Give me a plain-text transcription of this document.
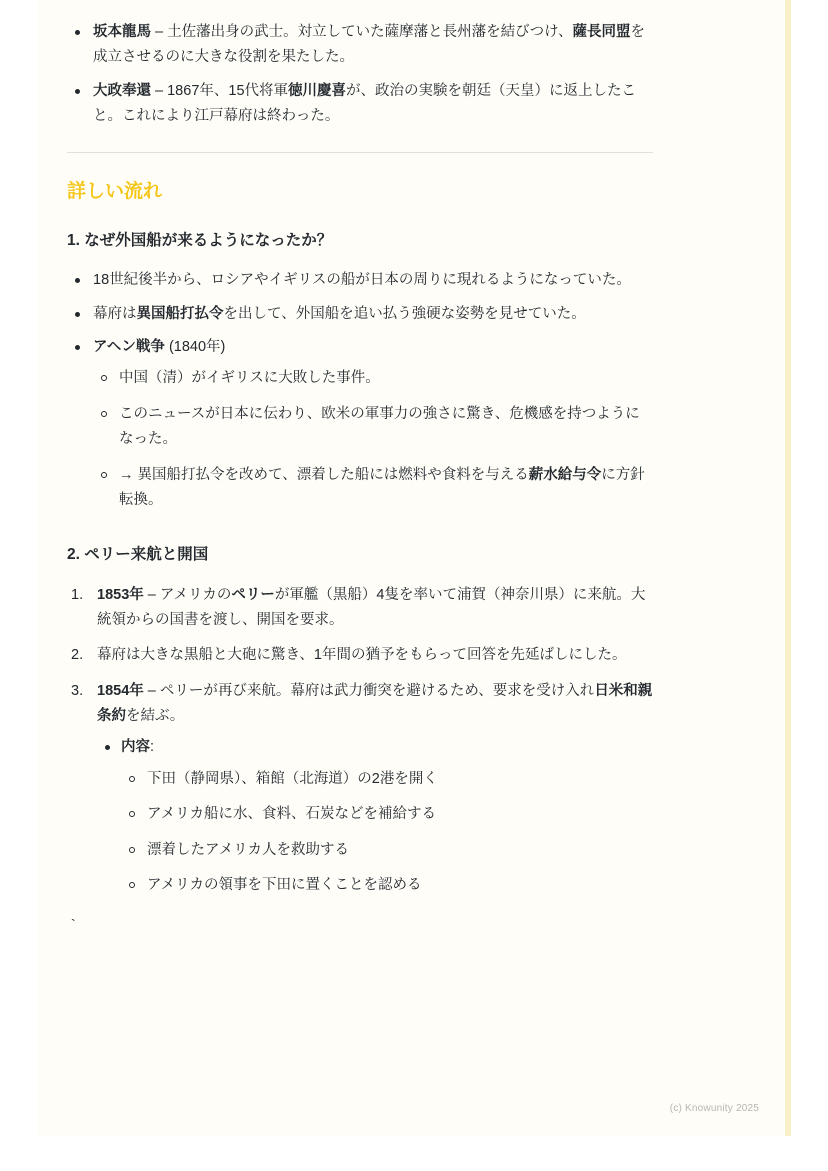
坂本龍馬 – 土佐藩出身の武士。対立していた薩摩藩と長州藩を結びつけ、薩長同盟を成立させるのに大きな役割を果たした。
大政奉還 – 1867年、15代将軍徳川慶喜が、政治の実験を朝廷（天皇）に返上したこと。これにより江戸幕府は終わった。
詳しい流れ
1. なぜ外国船が来るようになったか？
18世紀後半から、ロシアやイギリスの船が日本の周りに現れるようになっていた。
幕府は異国船打払令を出して、外国船を追い払う強硬な姿勢を見せていた。
アヘン戦争 (1840年)
中国（清）がイギリスに大敗した事件。
このニュースが日本に伝わり、欧米の軍事力の強さに驚き、危機感を持つようになった。
→ 異国船打払令を改めて、漂着した船には燃料や食料を与える薪水給与令に方針転換。
2. ペリー来航と開国
1853年 – アメリカのペリーが軍艦（黒船）4隻を率いて浦賀（神奈川県）に来航。大統領からの国書を渡し、開国を要求。
幕府は大きな黒船と大砲に驚き、1年間の猶予をもらって回答を先延ばしにした。
1854年 – ペリーが再び来航。幕府は武力衝突を避けるため、要求を受け入れ日米和親条約を結ぶ。
内容:
下田（静岡県）、箱館（北海道）の2港を開く
アメリカ船に水、食料、石炭などを補給する
漂着したアメリカ人を救助する
アメリカの領事を下田に置くことを認める
`
(c) Knowunity 2025
